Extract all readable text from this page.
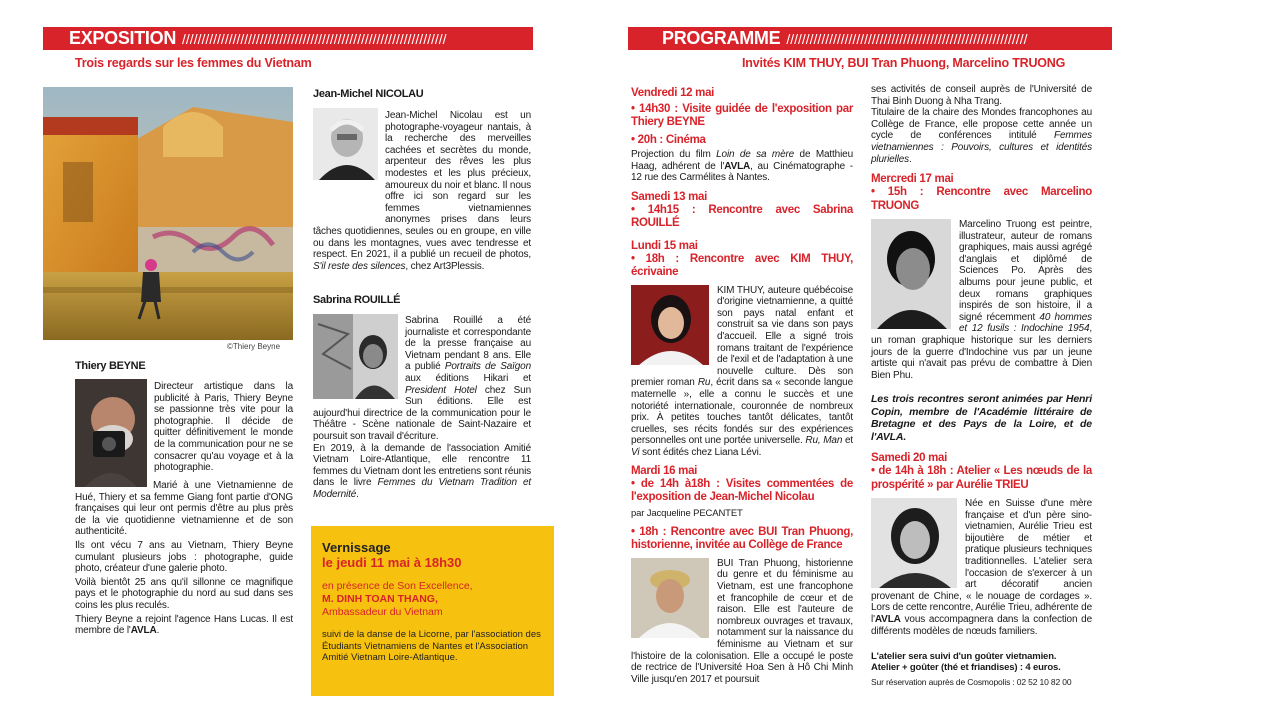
EXPOSITION ////////////////////////////////////////////////////////////////////
Trois regards sur les femmes du Vietnam
©Thiery Beyne
Thiery BEYNE
Directeur artistique dans la publicité à Paris, Thiery Beyne se passionne très vite pour la photographie. Il décide de quitter définitivement le monde de la communication pour ne se consacrer qu'au voyage et à la photographie.

Marié à une Vietnamienne de Hué, Thiery et sa femme Giang font partie d'ONG françaises qui leur ont permis d'être au plus près de la vie quotidienne vietnamienne et de son authenticité.

Ils ont vécu 7 ans au Vietnam, Thiery Beyne cumulant plusieurs jobs : photographe, guide photo, créateur d'une galerie photo.

Voilà bientôt 25 ans qu'il sillonne ce magnifique pays et le photographie du nord au sud dans ses coins les plus reculés.

Thiery Beyne a rejoint l'agence Hans Lucas. Il est membre de l'AVLA.

Jean-Michel NICOLAU

Jean-Michel Nicolau est un photographe-voyageur nantais, à la recherche des merveilles cachées et secrètes du monde, arpenteur des rêves les plus modestes et les plus précieux, amoureux du noir et blanc. Il nous offre ici son regard sur les femmes vietnamiennes anonymes prises dans leurs tâches quotidiennes, seules ou en groupe, en ville ou dans les montagnes, vues avec tendresse et respect. En 2021, il a publié un recueil de photos, S'il reste des silences, chez Art3Plessis.

Sabrina ROUILLÉ

Sabrina Rouillé a été journaliste et correspondante de la presse française au Vietnam pendant 8 ans. Elle a publié Portraits de Saïgon aux éditions Hikari et President Hotel chez Sun Sun éditions. Elle est aujourd'hui directrice de la communication pour le Théâtre - Scène nationale de Saint-Nazaire et poursuit son travail d'écriture.

En 2019, à la demande de l'association Amitié Vietnam Loire-Atlantique, elle rencontre 11 femmes du Vietnam dont les entretiens sont réunis dans le livre Femmes du Vietnam Tradition et Modernité.

Vernissage
le jeudi 11 mai à 18h30
en présence de Son Excellence,
M. DINH TOAN THANG,
Ambassadeur du Vietnam
suivi de la danse de la Licorne, par l'association des Étudiants Vietnamiens de Nantes et l'Association Amitié Vietnam Loire-Atlantique.
PROGRAMME //////////////////////////////////////////////////////////////
Invités KIM THUY, BUI Tran Phuong, Marcelino TRUONG
Vendredi 12 mai
• 14h30 : Visite guidée de l'exposition par Thiery BEYNE
• 20h : Cinéma

Projection du film Loin de sa mère de Matthieu Haag, adhérent de l'AVLA, au Cinématographe - 12 rue des Carmélites à Nantes.

Samedi 13 mai
• 14h15 : Rencontre avec Sabrina ROUILLÉ
Lundi 15 mai
• 18h : Rencontre avec KIM THUY, écrivaine

KIM THUY, auteure québécoise d'origine vietnamienne, a quitté son pays natal enfant et construit sa vie dans son pays d'accueil. Elle a signé trois romans traitant de l'expérience de l'exil et de l'adaptation à une nouvelle culture. Dès son premier roman Ru, écrit dans sa « seconde langue maternelle », elle a connu le succès et une notoriété internationale, couronnée de nombreux prix. À petites touches tantôt délicates, tantôt cruelles, ses récits fondés sur des expériences personnelles ont une portée universelle. Ru, Man et Vi sont édités chez Liana Lévi.

Mardi 16 mai
• de 14h à18h : Visites commentées de l'exposition de Jean-Michel Nicolau
par Jacqueline PECANTET
• 18h : Rencontre avec BUI Tran Phuong, historienne, invitée au Collège de France

BUI Tran Phuong, historienne du genre et du féminisme au Vietnam, est une francophone et francophile de cœur et de raison. Elle est l'auteure de nombreux ouvrages et travaux, notamment sur la naissance du féminisme au Vietnam et sur l'histoire de la colonisation. Elle a occupé le poste de rectrice de l'Université Hoa Sen à Hô Chi Minh Ville jusqu'en 2017 et poursuit

ses activités de conseil auprès de l'Université de Thai Binh Duong à Nha Trang.

Titulaire de la chaire des Mondes francophones au Collège de France, elle propose cette année un cycle de conférences intitulé Femmes vietnamiennes : Pouvoirs, cultures et identités plurielles.

Mercredi 17 mai
• 15h : Rencontre avec Marcelino TRUONG

Marcelino Truong est peintre, illustrateur, auteur de romans graphiques, mais aussi agrégé d'anglais et diplômé de Sciences Po. Après des albums pour jeune public, et deux romans graphiques inspirés de son histoire, il a signé récemment 40 hommes et 12 fusils : Indochine 1954, un roman graphique historique sur les derniers jours de la guerre d'Indochine vus par un jeune artiste qui n'avait pas prévu de combattre à Dien Bien Phu.

Les trois recontres seront animées par Henri Copin, membre de l'Académie littéraire de Bretagne et des Pays de la Loire, et de l'AVLA.

Samedi 20 mai
• de 14h à 18h : Atelier « Les nœuds de la prospérité » par Aurélie TRIEU

Née en Suisse d'une mère française et d'un père sino-vietnamien, Aurélie Trieu est bijoutière de métier et pratique plusieurs techniques traditionnelles. L'atelier sera l'occasion de s'exercer à un art décoratif ancien provenant de Chine, « le nouage de cordages ». Lors de cette rencontre, Aurélie Trieu, adhérente de l'AVLA vous accompagnera dans la confection de différents modèles de nœuds familiers.

L'atelier sera suivi d'un goûter vietnamien.
Atelier + goûter (thé et friandises) : 4 euros.
Sur réservation auprès de Cosmopolis : 02 52 10 82 00
